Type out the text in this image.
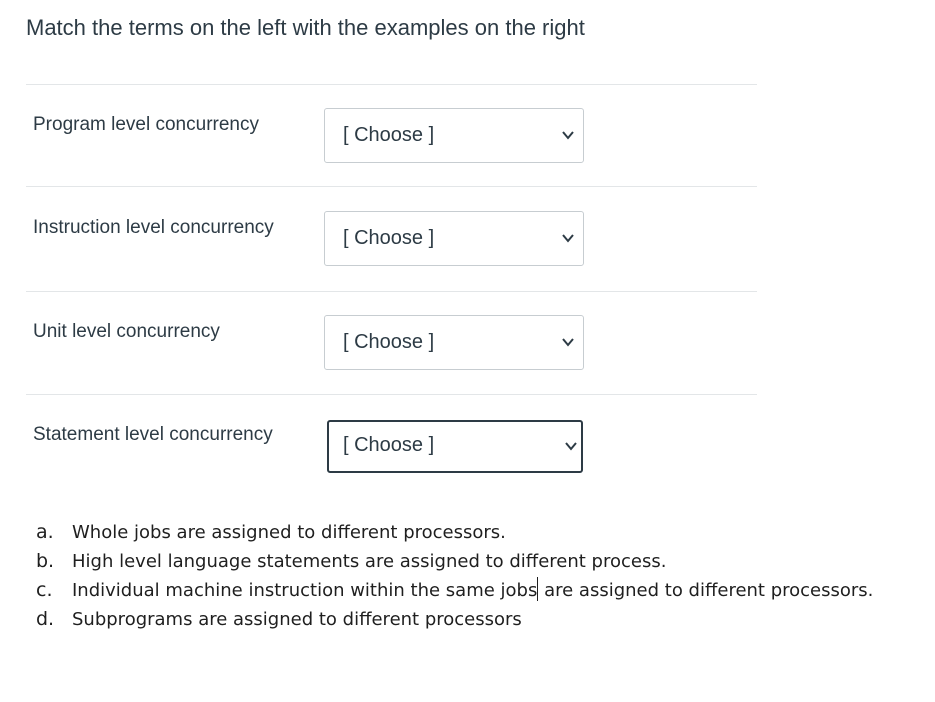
Match the terms on the left with the examples on the right
Program level concurrency	[ Choose ]
Instruction level concurrency	[ Choose ]
Unit level concurrency	[ Choose ]
Statement level concurrency	[ Choose ]
a. Whole jobs are assigned to different processors.
b. High level language statements are assigned to different process.
c. Individual machine instruction within the same jobs are assigned to different processors.
d. Subprograms are assigned to different processors
